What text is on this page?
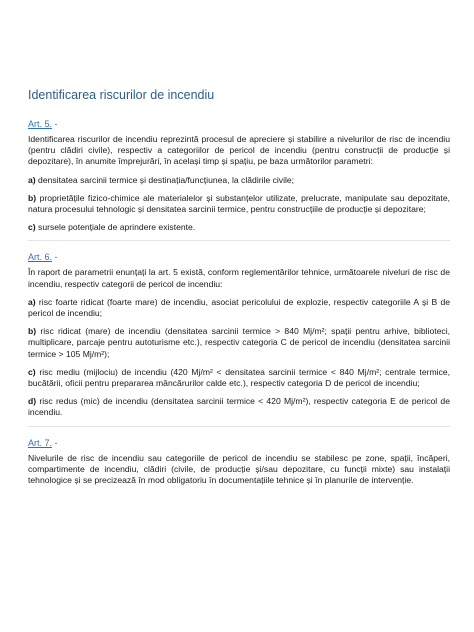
Identificarea riscurilor de incendiu
Art. 5. -

Identificarea riscurilor de incendiu reprezintă procesul de apreciere și stabilire a nivelurilor de risc de incendiu (pentru clădiri civile), respectiv a categoriilor de pericol de incendiu (pentru construcții de producție și depozitare), în anumite împrejurări, în același timp și spațiu, pe baza următorilor parametri:

a) densitatea sarcinii termice și destinația/funcțiunea, la clădirile civile;

b) proprietățile fizico-chimice ale materialelor și substanțelor utilizate, prelucrate, manipulate sau depozitate, natura procesului tehnologic și densitatea sarcinii termice, pentru construcțiile de producție și depozitare;

c) sursele potențiale de aprindere existente.

Art. 6. -

În raport de parametrii enunțați la art. 5 există, conform reglementărilor tehnice, următoarele niveluri de risc de incendiu, respectiv categorii de pericol de incendiu:

a) risc foarte ridicat (foarte mare) de incendiu, asociat pericolului de explozie, respectiv categoriile A și B de pericol de incendiu;

b) risc ridicat (mare) de incendiu (densitatea sarcinii termice > 840 Mj/m²; spații pentru arhive, biblioteci, multiplicare, parcaje pentru autoturisme etc.), respectiv categoria C de pericol de incendiu (densitatea sarcinii termice > 105 Mj/m²);

c) risc mediu (mijlociu) de incendiu (420 Mj/m² < densitatea sarcinii termice < 840 Mj/m²; centrale termice, bucătării, oficii pentru prepararea mâncărurilor calde etc.), respectiv categoria D de pericol de incendiu;

d) risc redus (mic) de incendiu (densitatea sarcinii termice < 420 Mj/m²), respectiv categoria E de pericol de incendiu.

Art. 7. -

Nivelurile de risc de incendiu sau categoriile de pericol de incendiu se stabilesc pe zone, spații, încăperi, compartimente de incendiu, clădiri (civile, de producție și/sau depozitare, cu funcții mixte) sau instalații tehnologice și se precizează în mod obligatoriu în documentațiile tehnice și în planurile de intervenție.
